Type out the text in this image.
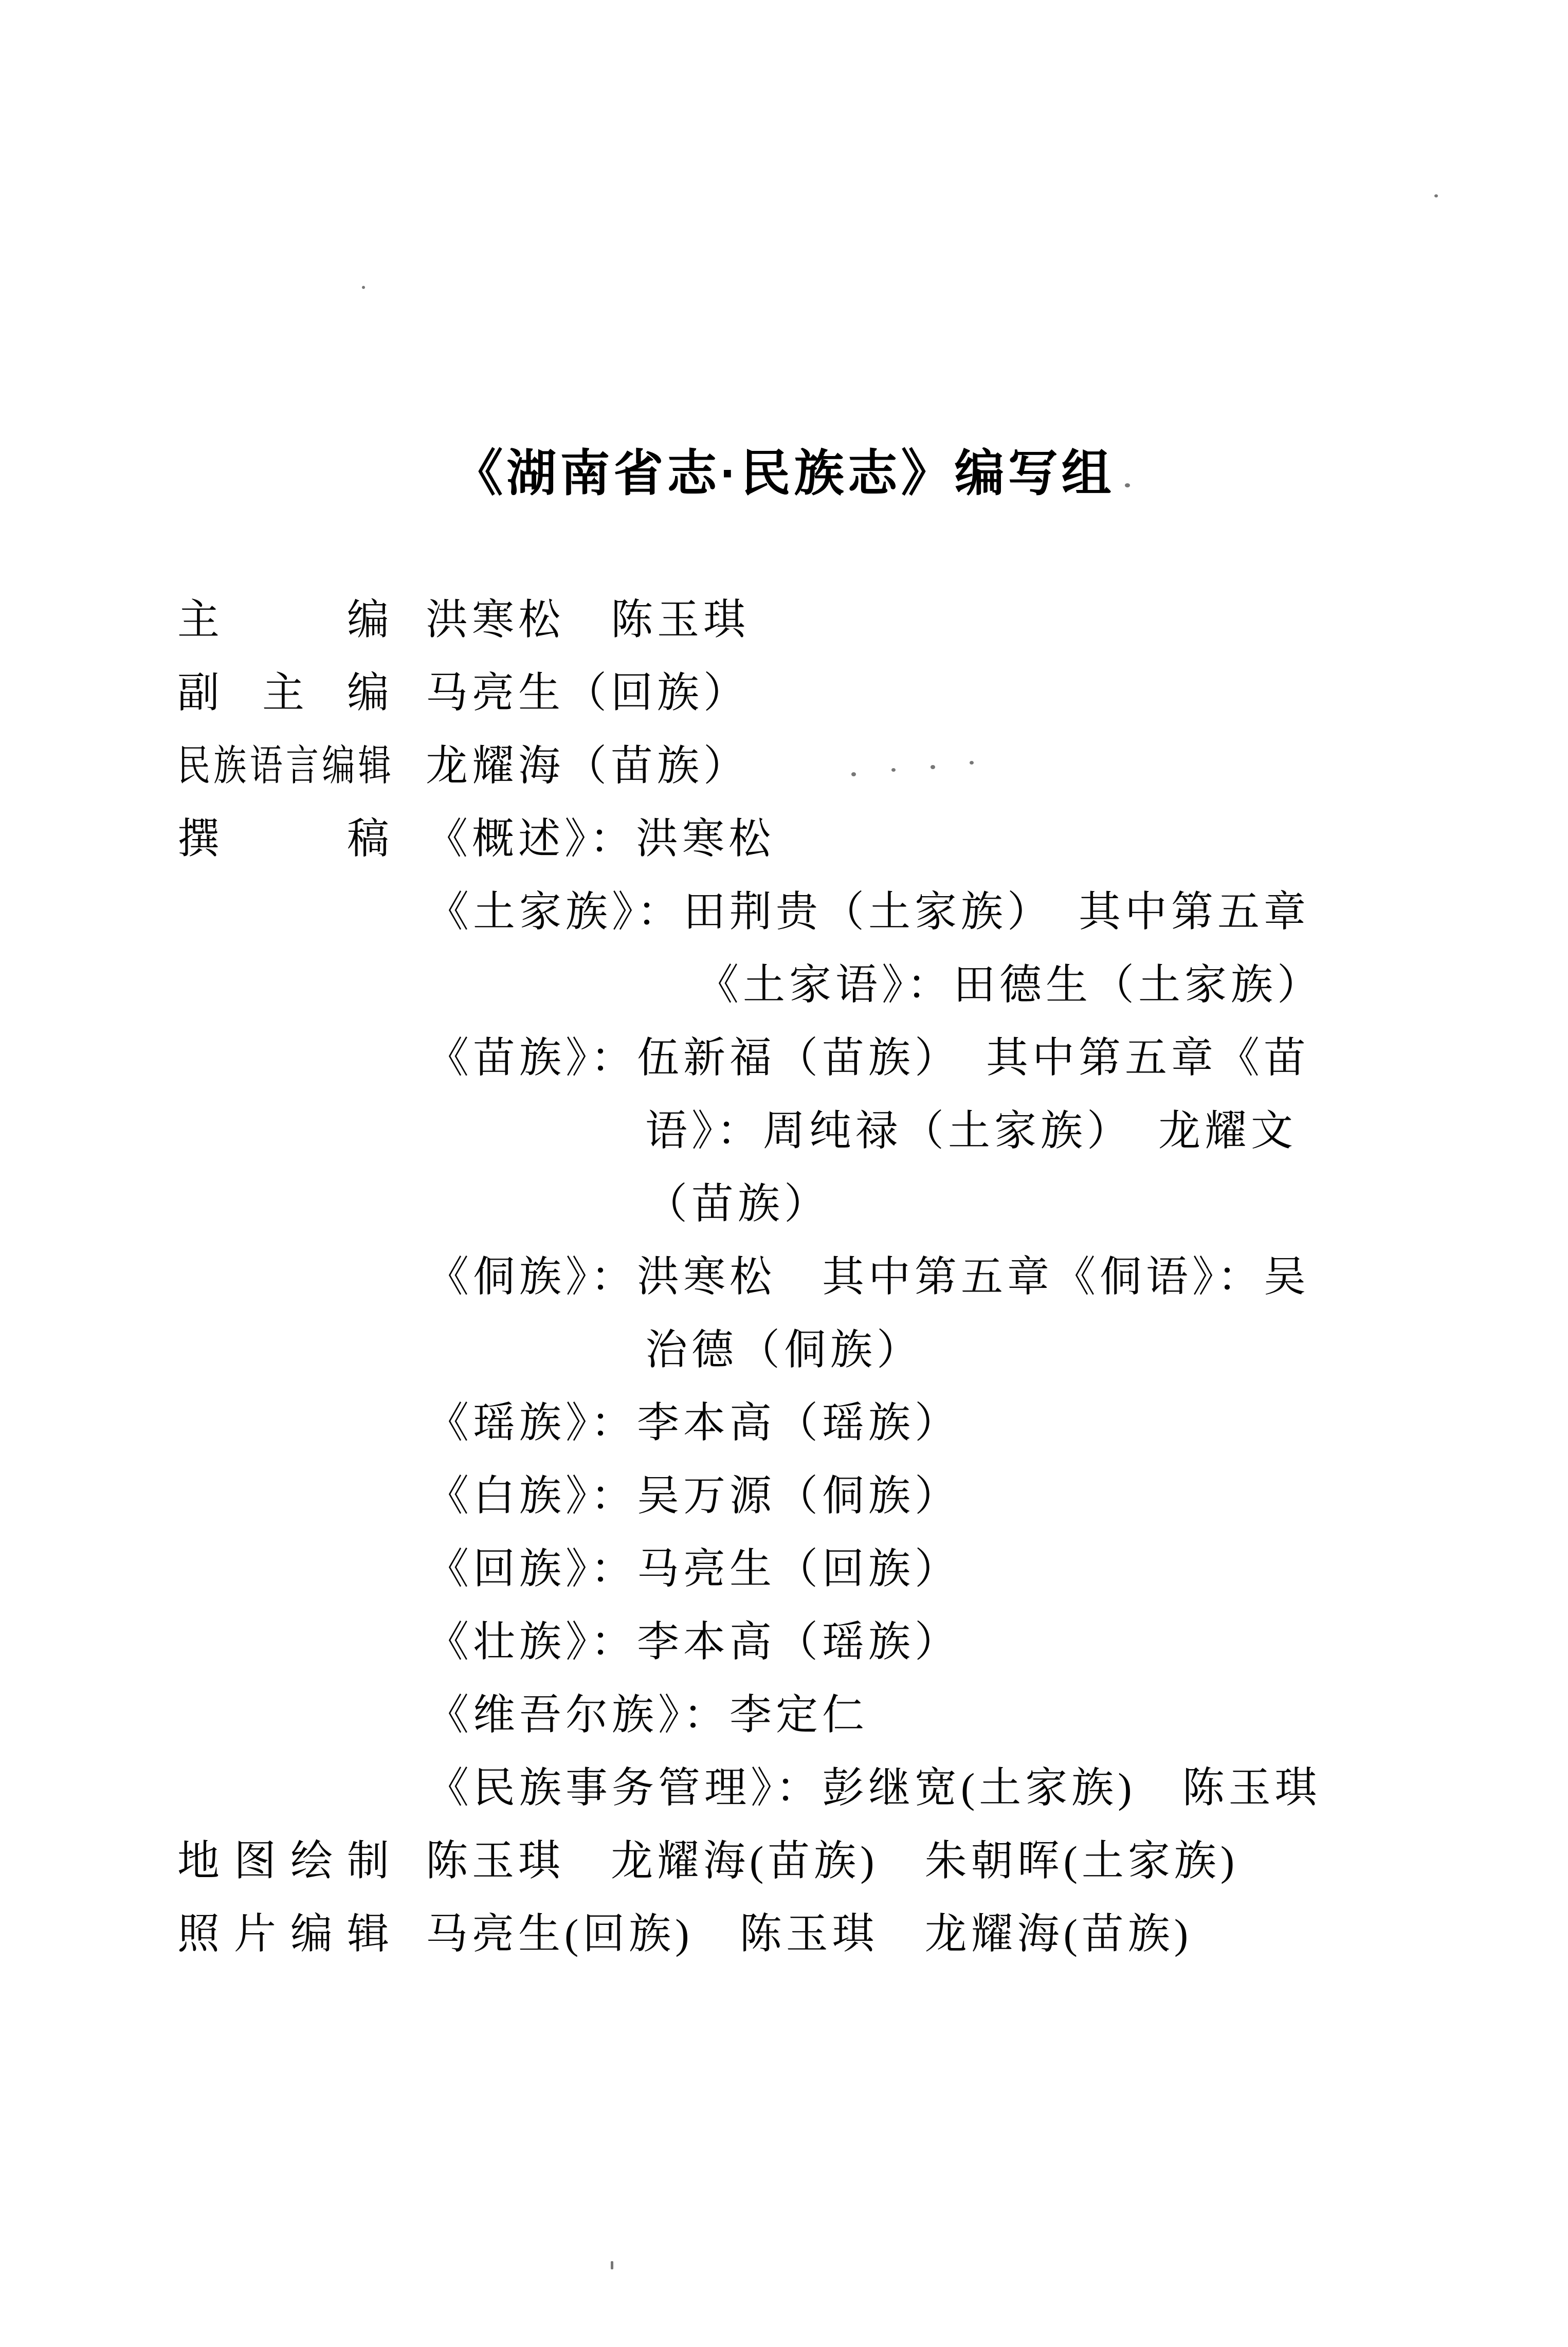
《湖南省志·民族志》编写组
主编 洪寒松　陈玉琪
副主编 马亮生（回族）
民族语言编辑 龙耀海（苗族）
撰稿 《概述》：洪寒松
《土家族》：田荆贵（土家族）　其中第五章
《土家语》：田德生（土家族）
《苗族》：伍新福（苗族）　其中第五章《苗
语》：周纯禄（土家族）　龙耀文
（苗族）
《侗族》：洪寒松　其中第五章《侗语》：吴
治德（侗族）
《瑶族》：李本高（瑶族）
《白族》：吴万源（侗族）
《回族》：马亮生（回族）
《壮族》：李本高（瑶族）
《维吾尔族》：李定仁
《民族事务管理》：彭继宽(土家族)　陈玉琪
地图绘制 陈玉琪　龙耀海(苗族)　朱朝晖(土家族)
照片编辑 马亮生(回族)　陈玉琪　龙耀海(苗族)
